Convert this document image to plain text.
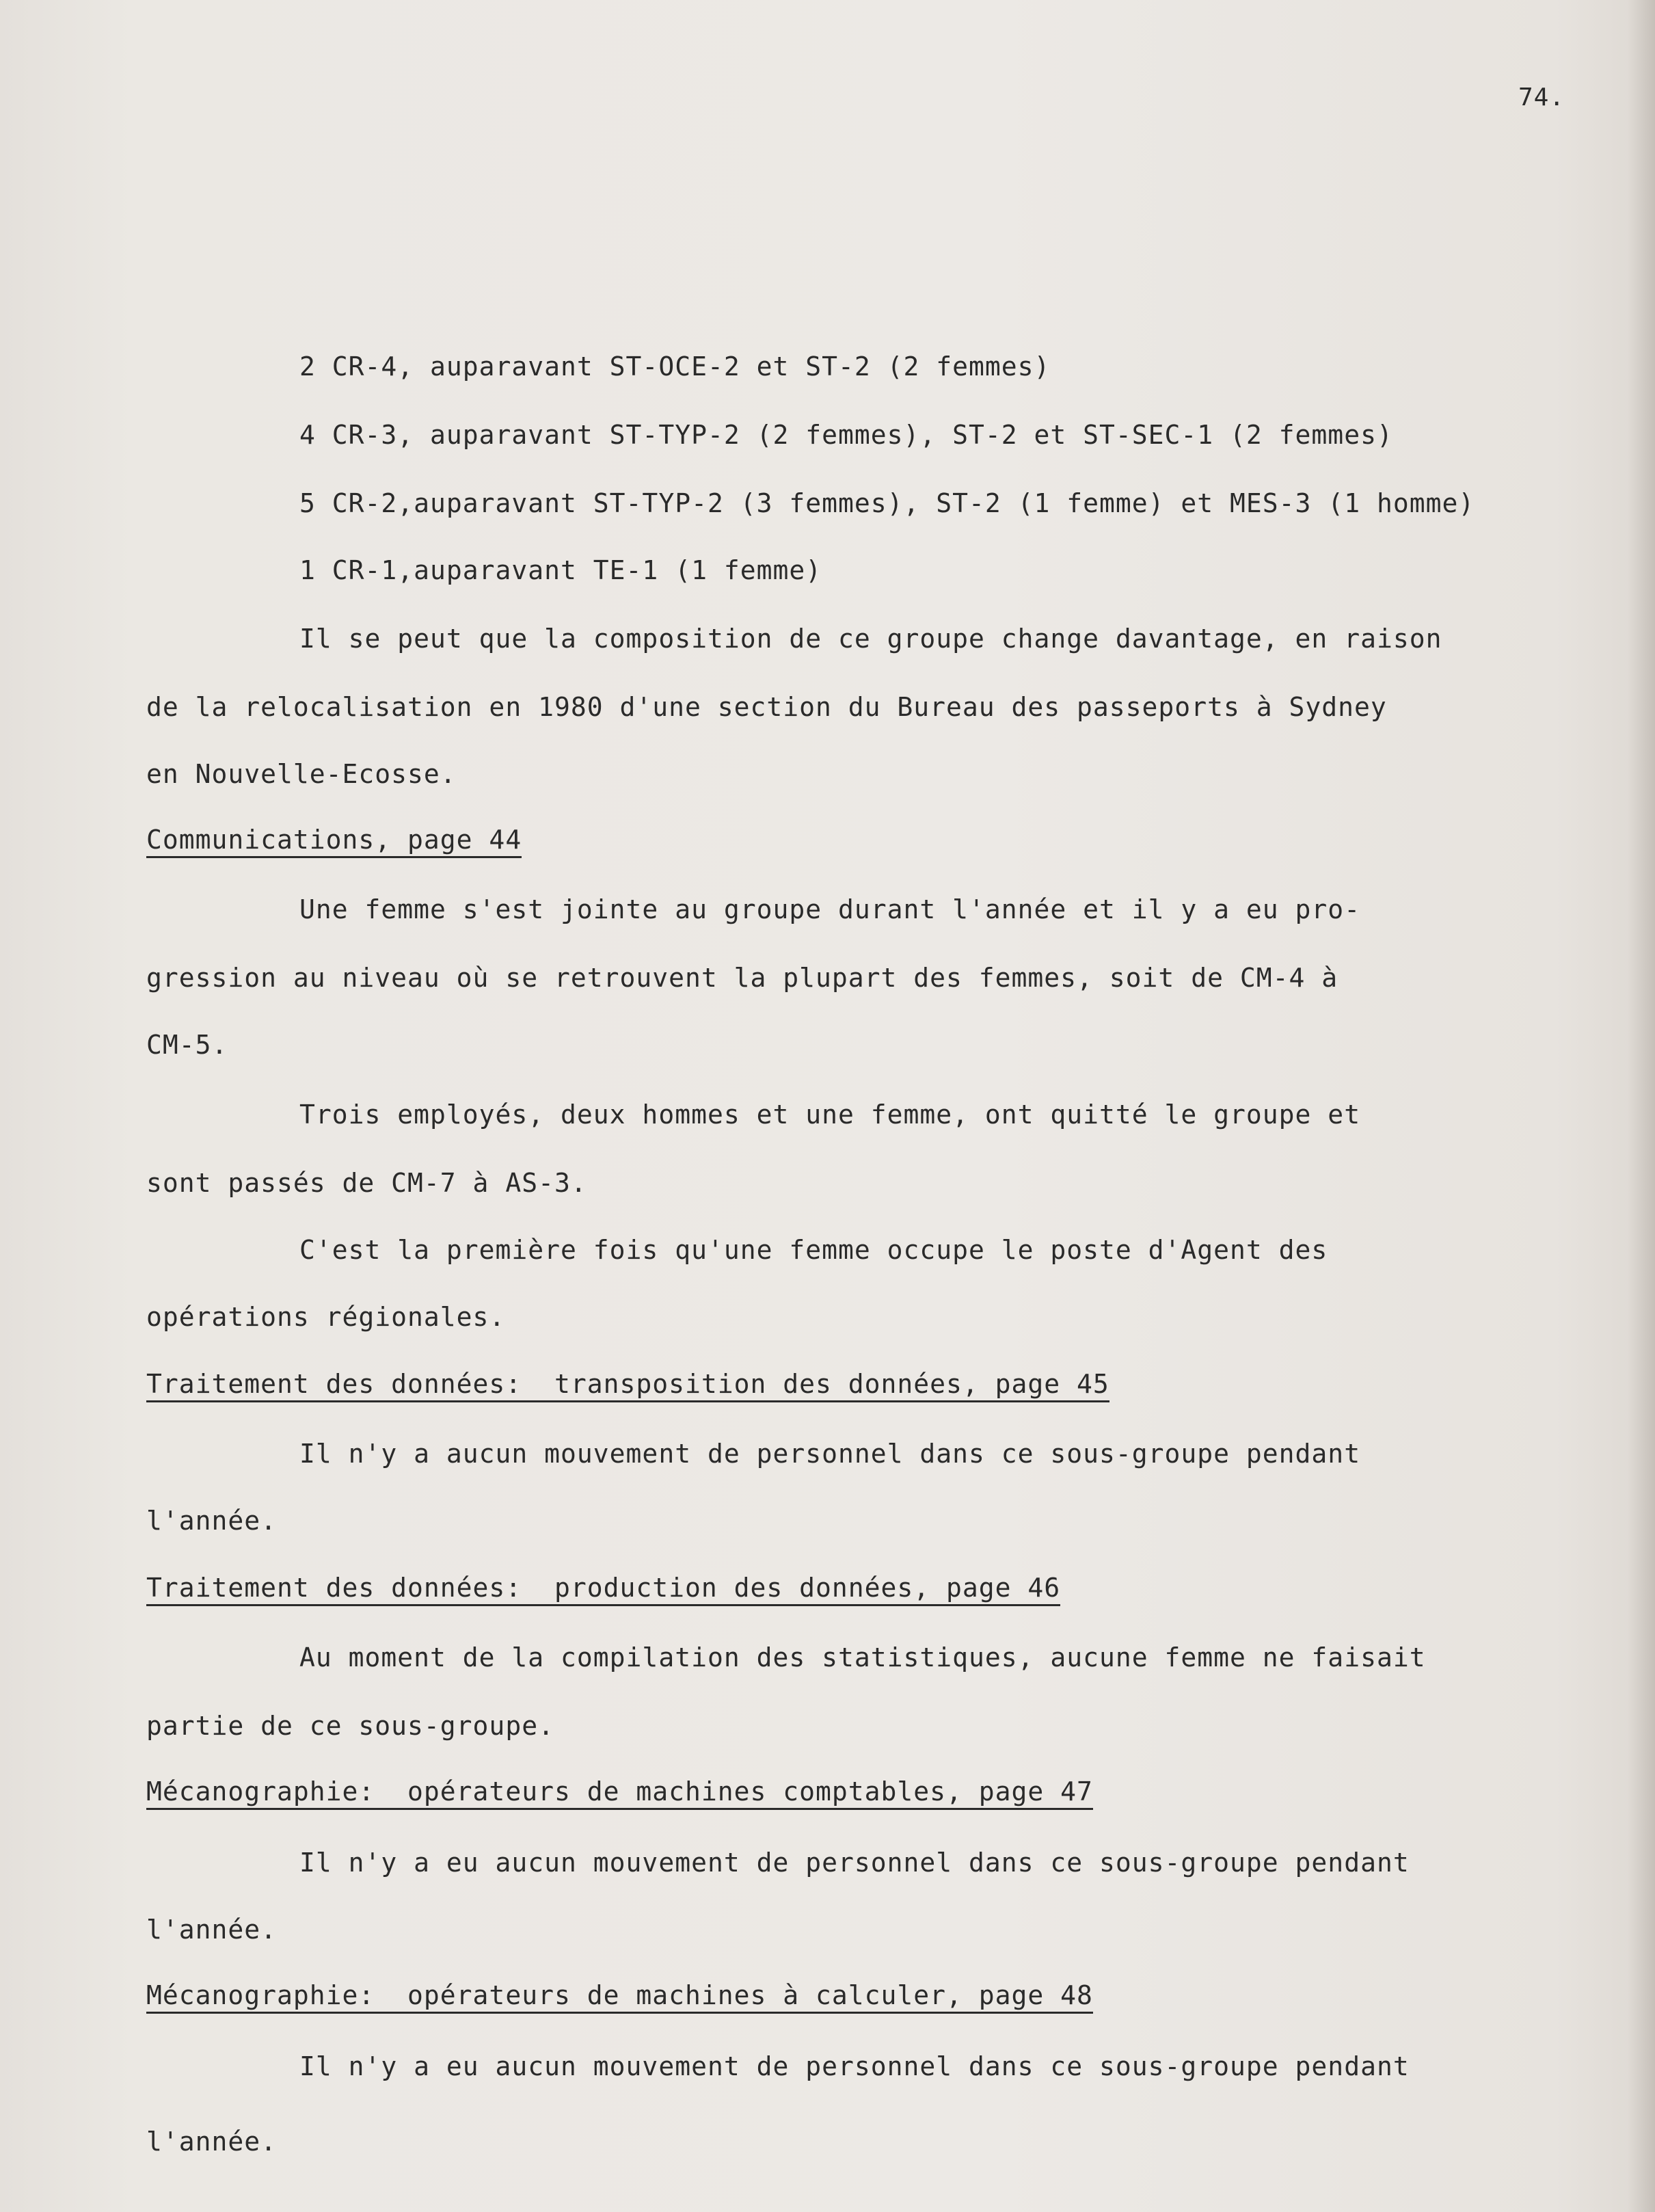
74.
2 CR-4, auparavant ST-OCE-2 et ST-2 (2 femmes)
4 CR-3, auparavant ST-TYP-2 (2 femmes), ST-2 et ST-SEC-1 (2 femmes)
5 CR-2,auparavant ST-TYP-2 (3 femmes), ST-2 (1 femme) et MES-3 (1 homme)
1 CR-1,auparavant TE-1 (1 femme)
Il se peut que la composition de ce groupe change davantage, en raison
de la relocalisation en 1980 d'une section du Bureau des passeports à Sydney
en Nouvelle-Ecosse.
Communications, page 44
Une femme s'est jointe au groupe durant l'année et il y a eu pro-
gression au niveau où se retrouvent la plupart des femmes, soit de CM-4 à
CM-5.
Trois employés, deux hommes et une femme, ont quitté le groupe et
sont passés de CM-7 à AS-3.
C'est la première fois qu'une femme occupe le poste d'Agent des
opérations régionales.
Traitement des données:  transposition des données, page 45
Il n'y a aucun mouvement de personnel dans ce sous-groupe pendant
l'année.
Traitement des données:  production des données, page 46
Au moment de la compilation des statistiques, aucune femme ne faisait
partie de ce sous-groupe.
Mécanographie:  opérateurs de machines comptables, page 47
Il n'y a eu aucun mouvement de personnel dans ce sous-groupe pendant
l'année.
Mécanographie:  opérateurs de machines à calculer, page 48
Il n'y a eu aucun mouvement de personnel dans ce sous-groupe pendant
l'année.
